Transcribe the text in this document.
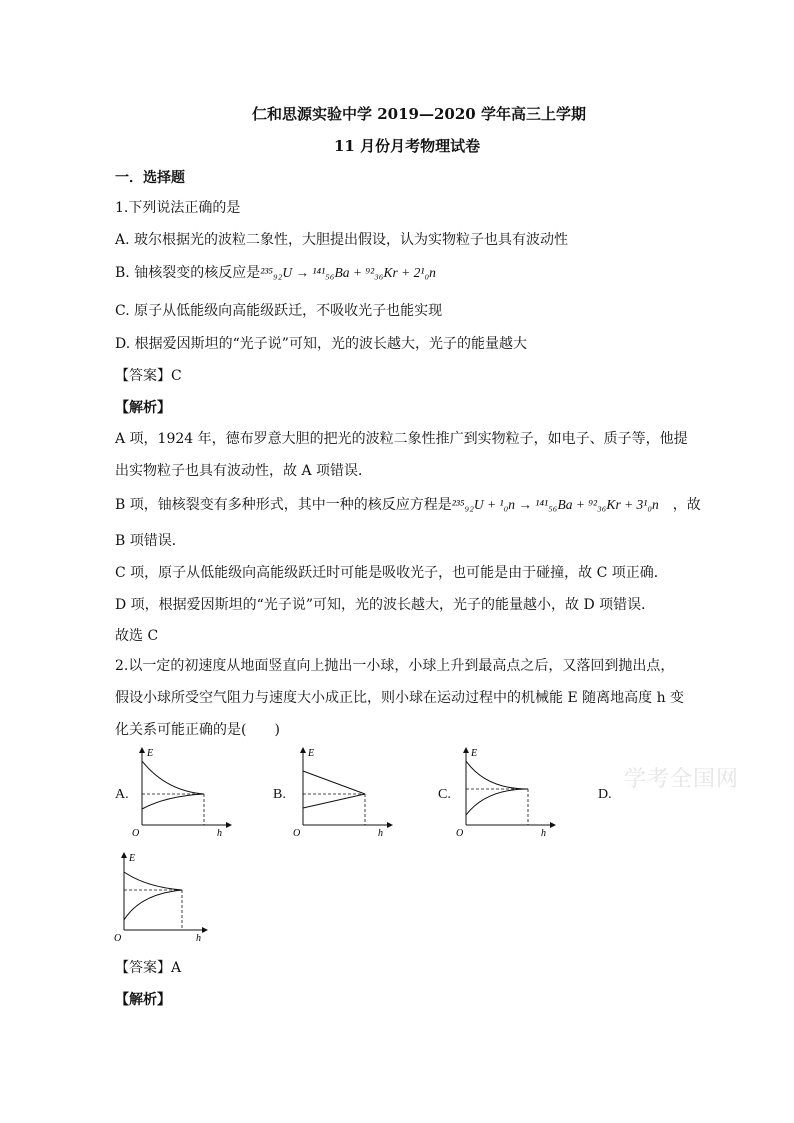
仁和思源实验中学 2019—2020 学年高三上学期
11 月份月考物理试卷
一．选择题
1.下列说法正确的是
A. 玻尔根据光的波粒二象性，大胆提出假设，认为实物粒子也具有波动性
B. 铀核裂变的核反应是²³⁵₉₂U → ¹⁴¹₅₆Ba + ⁹²₃₆Kr + 2¹₀n
C. 原子从低能级向高能级跃迁，不吸收光子也能实现
D. 根据爱因斯坦的“光子说”可知，光的波长越大，光子的能量越大
【答案】C
【解析】
A 项，1924 年，德布罗意大胆的把光的波粒二象性推广到实物粒子，如电子、质子等，他提
出实物粒子也具有波动性，故 A 项错误．
B 项，铀核裂变有多种形式，其中一种的核反应方程是²³⁵₉₂U + ¹₀n → ¹⁴¹₅₆Ba + ⁹²₃₆Kr + 3¹₀n ，故
B 项错误．
C 项，原子从低能级向高能级跃迁时可能是吸收光子，也可能是由于碰撞，故 C 项正确．
D 项，根据爱因斯坦的“光子说”可知，光的波长越大，光子的能量越小，故 D 项错误．
故选 C
2.以一定的初速度从地面竖直向上抛出一小球，小球上升到最高点之后，又落回到抛出点，
假设小球所受空气阻力与速度大小成正比，则小球在运动过程中的机械能 E 随离地高度 h 变
化关系可能正确的是(　　)
A.	B.	C.	D.
E
O	h
E
O	h
E
O	h
学考全国网
E
O	h
【答案】A
【解析】
